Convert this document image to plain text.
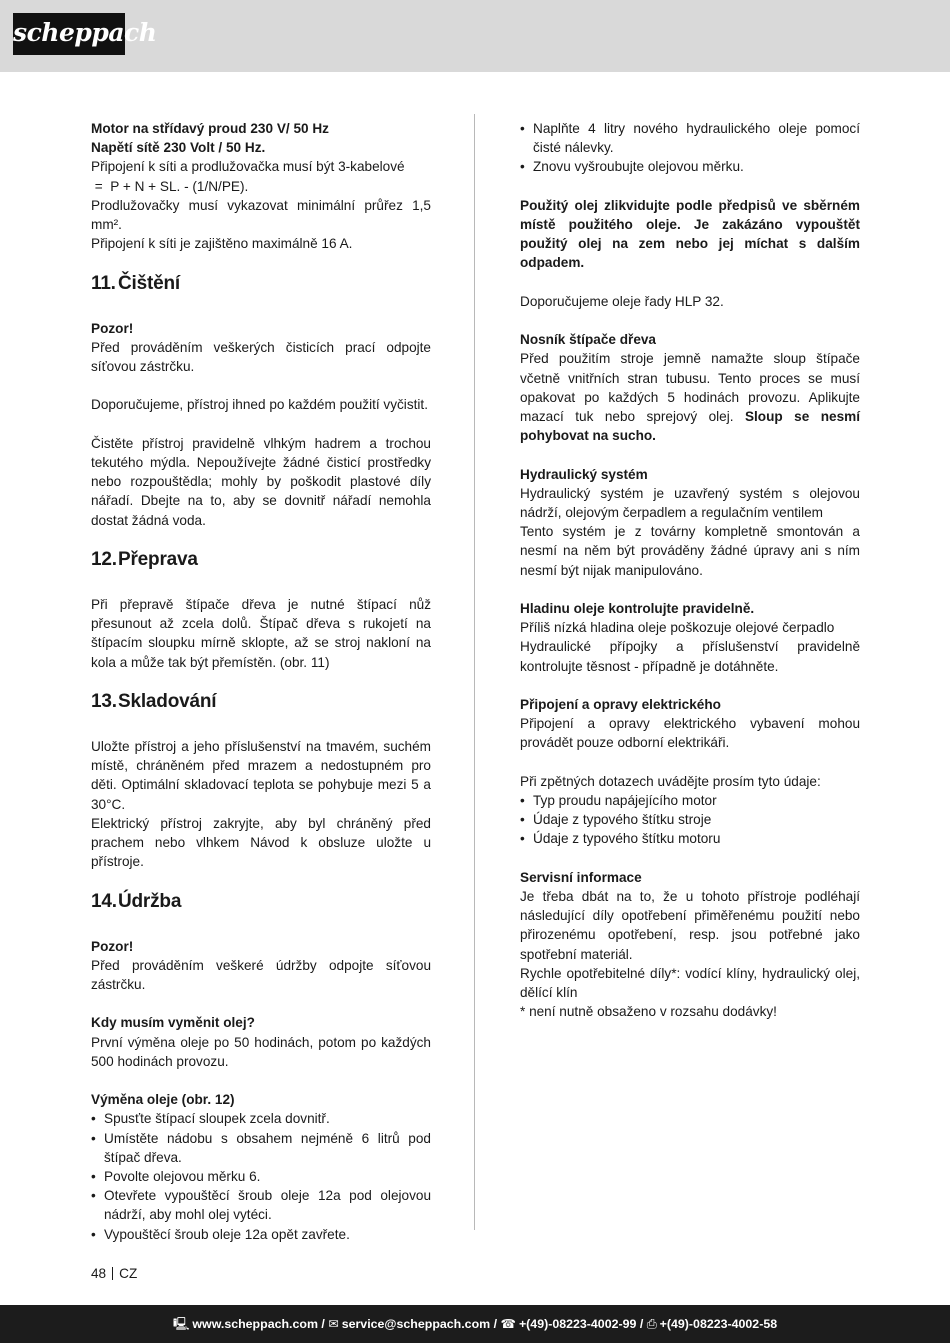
scheppach
Motor na střídavý proud 230 V/ 50 Hz
Napětí sítě 230 Volt / 50 Hz.
Připojení k síti a prodlužovačka musí být 3-kabelové
=  P + N + SL. - (1/N/PE).
Prodlužovačky musí vykazovat minimální průřez 1,5 mm².
Připojení k síti je zajištěno maximálně 16 A.
11. Čištění
Pozor!
Před prováděním veškerých čisticích prací odpojte síťovou zástrčku.
Doporučujeme, přístroj ihned po každém použití vyčistit.
Čistěte přístroj pravidelně vlhkým hadrem a trochou tekutého mýdla. Nepoužívejte žádné čisticí prostředky nebo rozpouštědla; mohly by poškodit plastové díly nářadí. Dbejte na to, aby se dovnitř nářadí nemohla dostat žádná voda.
12.Přeprava
Při přepravě štípače dřeva je nutné štípací nůž přesunout až zcela dolů. Štípač dřeva s rukojetí na štípacím sloupku mírně sklopte, až se stroj nakloní na kola a může tak být přemístěn. (obr. 11)
13.Skladování
Uložte přístroj a jeho příslušenství na tmavém, suchém místě, chráněném před mrazem a nedostupném pro děti. Optimální skladovací teplota se pohybuje mezi 5 a 30°C.
Elektrický přístroj zakryjte, aby byl chráněný před prachem nebo vlhkem Návod k obsluze uložte u přístroje.
14.Údržba
Pozor!
Před prováděním veškeré údržby odpojte síťovou zástrčku.
Kdy musím vyměnit olej?
První výměna oleje po 50 hodinách, potom po každých 500 hodinách provozu.
Výměna oleje (obr. 12)
• Spusťte štípací sloupek zcela dovnitř.
• Umístěte nádobu s obsahem nejméně 6 litrů pod štípač dřeva.
• Povolte olejovou měrku 6.
• Otevřete vypouštěcí šroub oleje 12a pod olejovou nádrží, aby mohl olej vytéci.
• Vypouštěcí šroub oleje 12a opět zavřete.
• Naplňte 4 litry nového hydraulického oleje pomocí čisté nálevky.
• Znovu vyšroubujte olejovou měrku.
Použitý olej zlikvidujte podle předpisů ve sběrném místě použitého oleje. Je zakázáno vypouštět použitý olej na zem nebo jej míchat s dalším odpadem.
Doporučujeme oleje řady HLP 32.
Nosník štípače dřeva
Před použitím stroje jemně namažte sloup štípače včetně vnitřních stran tubusu. Tento proces se musí opakovat po každých 5 hodinách provozu. Aplikujte mazací tuk nebo sprejový olej. Sloup se nesmí pohybovat na sucho.
Hydraulický systém
Hydraulický systém je uzavřený systém s olejovou nádrží, olejovým čerpadlem a regulačním ventilem
Tento systém je z továrny kompletně smontován a nesmí na něm být prováděny žádné úpravy ani s ním nesmí být nijak manipulováno.
Hladinu oleje kontrolujte pravidelně.
Příliš nízká hladina oleje poškozuje olejové čerpadlo
Hydraulické přípojky a příslušenství pravidelně kontrolujte těsnost - případně je dotáhněte.
Připojení a opravy elektrického
Připojení a opravy elektrického vybavení mohou provádět pouze odborní elektrikáři.
Při zpětných dotazech uvádějte prosím tyto údaje:
• Typ proudu napájejícího motor
• Údaje z typového štítku stroje
• Údaje z typového štítku motoru
Servisní informace
Je třeba dbát na to, že u tohoto přístroje podléhají následující díly opotřebení přiměřenému použití nebo přirozenému opotřebení, resp. jsou potřebné jako spotřební materiál.
Rychle opotřebitelné díly*: vodící klíny, hydraulický olej, dělící klín
* není nutně obsaženo v rozsahu dodávky!
48 CZ
🖳 www.scheppach.com / ✉ service@scheppach.com / ☎ +(49)-08223-4002-99 / ⎙ +(49)-08223-4002-58
